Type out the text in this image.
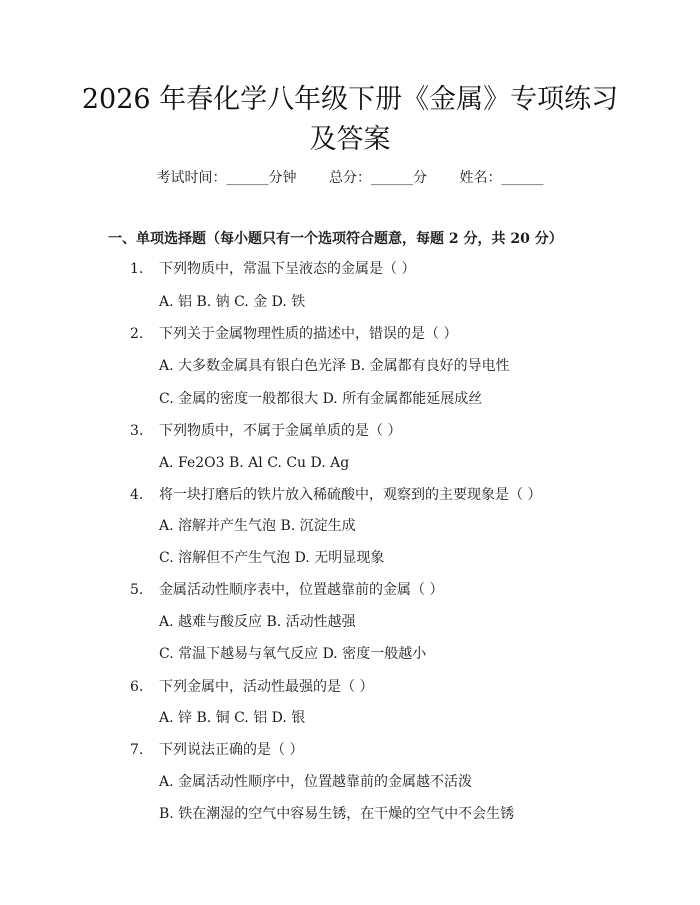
2026 年春化学八年级下册《金属》专项练习
及答案
考试时间：______分钟 总分：______分 姓名：______
一、单项选择题（每小题只有一个选项符合题意，每题 2 分，共 20 分）
1. 下列物质中，常温下呈液态的金属是（ ）
A. 铝 B. 钠 C. 金 D. 铁
2. 下列关于金属物理性质的描述中，错误的是（ ）
A. 大多数金属具有银白色光泽 B. 金属都有良好的导电性
C. 金属的密度一般都很大 D. 所有金属都能延展成丝
3. 下列物质中，不属于金属单质的是（ ）
A. Fe2O3 B. Al C. Cu D. Ag
4. 将一块打磨后的铁片放入稀硫酸中，观察到的主要现象是（ ）
A. 溶解并产生气泡 B. 沉淀生成
C. 溶解但不产生气泡 D. 无明显现象
5. 金属活动性顺序表中，位置越靠前的金属（ ）
A. 越难与酸反应 B. 活动性越强
C. 常温下越易与氧气反应 D. 密度一般越小
6. 下列金属中，活动性最强的是（ ）
A. 锌 B. 铜 C. 铝 D. 银
7. 下列说法正确的是（ ）
A. 金属活动性顺序中，位置越靠前的金属越不活泼
B. 铁在潮湿的空气中容易生锈，在干燥的空气中不会生锈
